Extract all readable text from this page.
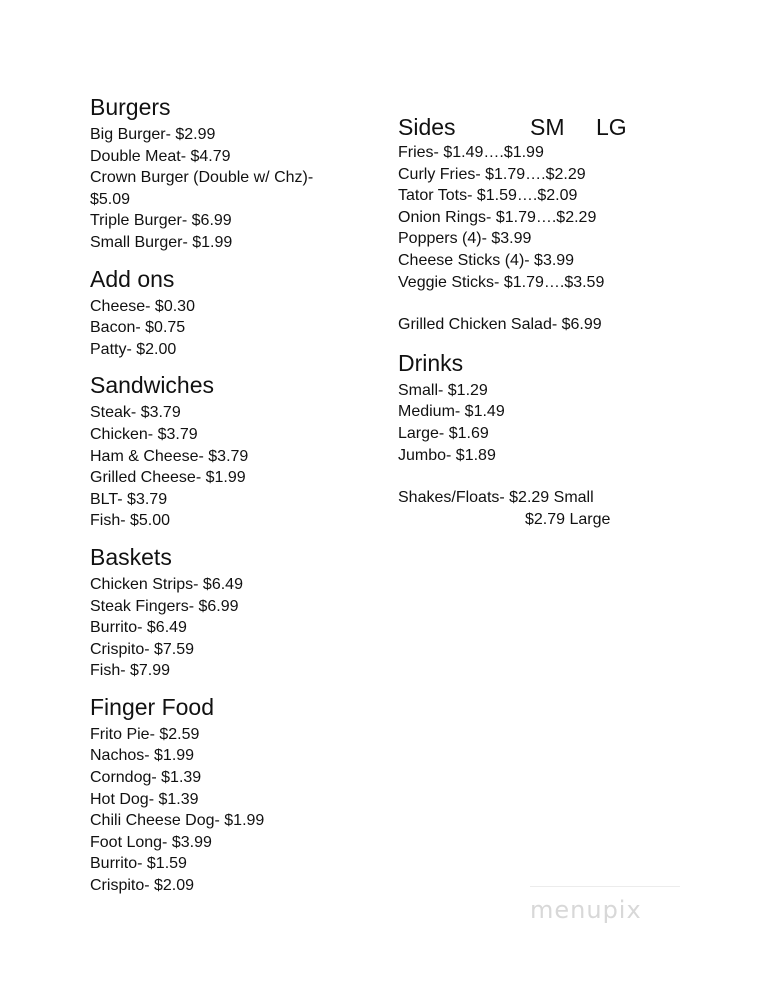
Burgers
Big Burger- $2.99
Double Meat- $4.79
Crown Burger (Double w/ Chz)-
$5.09
Triple Burger- $6.99
Small Burger- $1.99
Add ons
Cheese- $0.30
Bacon- $0.75
Patty- $2.00
Sandwiches
Steak- $3.79
Chicken- $3.79
Ham & Cheese- $3.79
Grilled Cheese- $1.99
BLT- $3.79
Fish- $5.00
Baskets
Chicken Strips- $6.49
Steak Fingers- $6.99
Burrito- $6.49
Crispito- $7.59
Fish- $7.99
Finger Food
Frito Pie- $2.59
Nachos- $1.99
Corndog- $1.39
Hot Dog- $1.39
Chili Cheese Dog- $1.99
Foot Long- $3.99
Burrito- $1.59
Crispito- $2.09
Sides	SM	LG
Fries- $1.49….$1.99
Curly Fries- $1.79….$2.29
Tator Tots- $1.59….$2.09
Onion Rings- $1.79….$2.29
Poppers (4)- $3.99
Cheese Sticks (4)- $3.99
Veggie Sticks- $1.79….$3.59
Grilled Chicken Salad- $6.99
Drinks
Small- $1.29
Medium- $1.49
Large- $1.69
Jumbo- $1.89
Shakes/Floats- $2.29 Small
$2.79 Large
menupix
